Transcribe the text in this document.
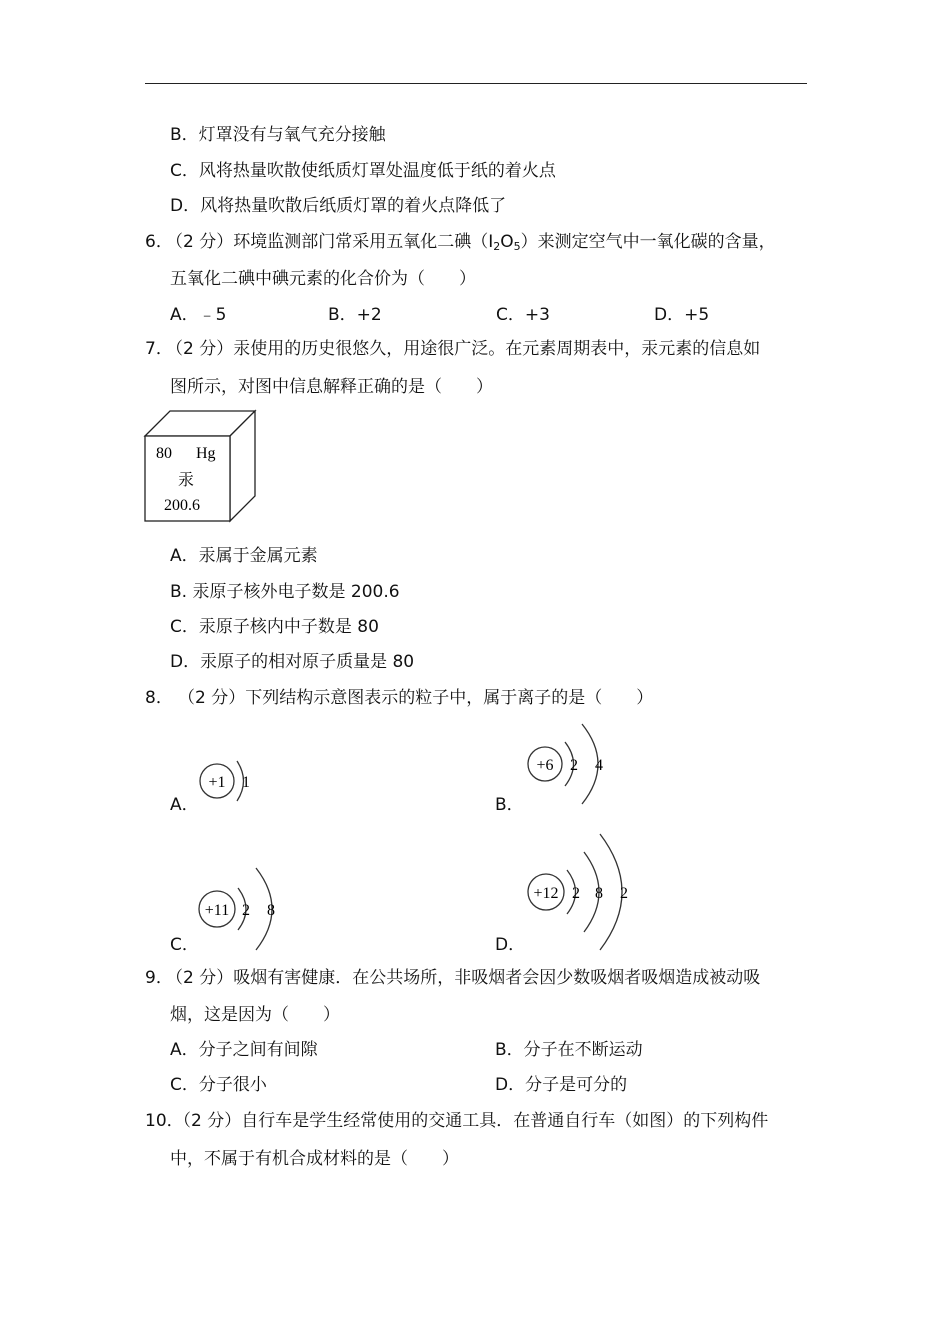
B．灯罩没有与氧气充分接触
C．风将热量吹散使纸质灯罩处温度低于纸的着火点
D．风将热量吹散后纸质灯罩的着火点降低了
6．
（2 分）环境监测部门常采用五氧化二碘$(I_2O_5)$来测定空气中一氧化碳的含量，
五氧化二碘中碘元素的化合价为（　　）
A．﹣5	B．+2	C．+3	D．+5
7．
（2 分）汞使用的历史很悠久，用途很广泛。在元素周期表中，汞元素的信息如
图所示，对图中信息解释正确的是（　　）
80 Hg
汞
200.6
A．汞属于金属元素
B. 汞原子核外电子数是 200.6
C．汞原子核内中子数是 80
D．汞原子的相对原子质量是 80
8． （2 分）下列结构示意图表示的粒子中，属于离子的是（　　）
A．
+1 1
B．
+6 2 4
C．
+11 2 8
D．
+12 2 8 2
9．
（2 分）吸烟有害健康．在公共场所，非吸烟者会因少数吸烟者吸烟造成被动吸
烟，这是因为（　　）
A．分子之间有间隙	B．分子在不断运动
C．分子很小	D．分子是可分的
10．
（2 分）自行车是学生经常使用的交通工具．在普通自行车（如图）的下列构件
中，不属于有机合成材料的是（　　）
